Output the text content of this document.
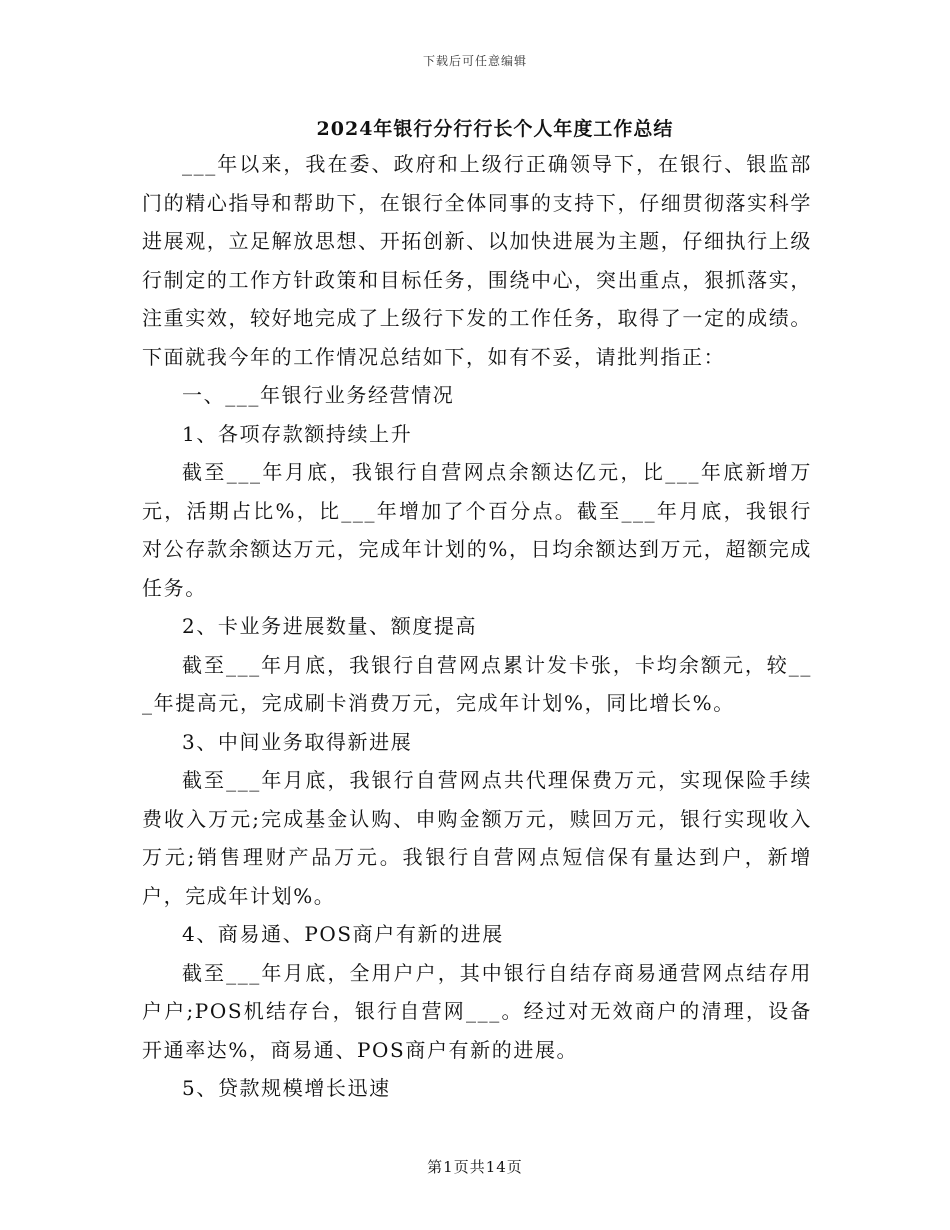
下载后可任意编辑
2024年银行分行行长个人年度工作总结

___年以来，我在委、政府和上级行正确领导下，在银行、银监部门的精心指导和帮助下，在银行全体同事的支持下，仔细贯彻落实科学进展观，立足解放思想、开拓创新、以加快进展为主题，仔细执行上级行制定的工作方针政策和目标任务，围绕中心，突出重点，狠抓落实，注重实效，较好地完成了上级行下发的工作任务，取得了一定的成绩。下面就我今年的工作情况总结如下，如有不妥，请批判指正：

一、___年银行业务经营情况

1、各项存款额持续上升

截至___年月底，我银行自营网点余额达亿元，比___年底新增万元，活期占比%，比___年增加了个百分点。截至___年月底，我银行对公存款余额达万元，完成年计划的%，日均余额达到万元，超额完成任务。

2、卡业务进展数量、额度提高

截至___年月底，我银行自营网点累计发卡张，卡均余额元，较___年提高元，完成刷卡消费万元，完成年计划%，同比增长%。

3、中间业务取得新进展

截至___年月底，我银行自营网点共代理保费万元，实现保险手续费收入万元;完成基金认购、申购金额万元，赎回万元，银行实现收入万元;销售理财产品万元。我银行自营网点短信保有量达到户，新增户，完成年计划%。

4、商易通、POS商户有新的进展

截至___年月底，全用户户，其中银行自结存商易通营网点结存用户户;POS机结存台，银行自营网___。经过对无效商户的清理，设备开通率达%，商易通、POS商户有新的进展。

5、贷款规模增长迅速

第1页共14页
